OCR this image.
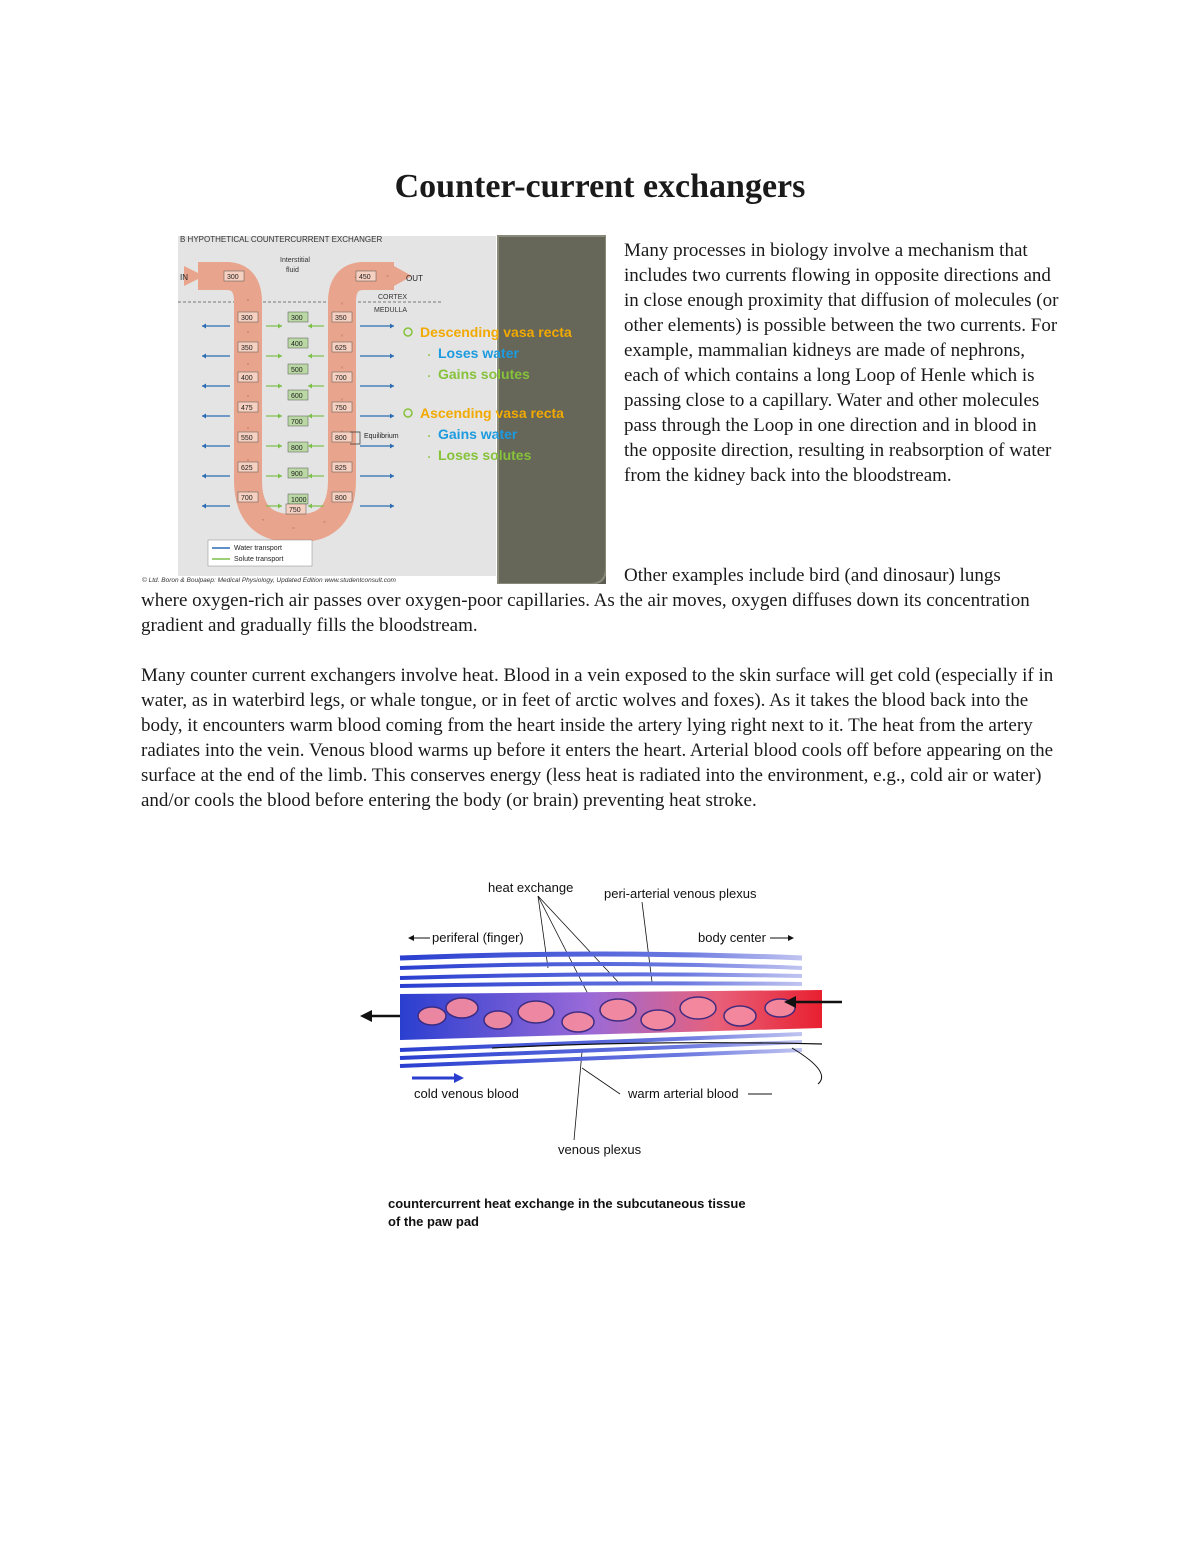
Counter-current exchangers
B HYPOTHETICAL COUNTERCURRENT EXCHANGER
CORTEX
MEDULLA
Interstitial
fluid
IN	OUT
300	450
300
350
400
475
550
625
700
300
400
500
600
700
800
900
1000
350
625
700
750
800
825
800
750
Equilibrium
Water transport
Solute transport
© Ltd. Boron & Boulpaep: Medical Physiology, Updated Edition www.studentconsult.com
Descending vasa recta
• Loses water
• Gains solutes
Ascending vasa recta
• Gains water
• Loses solutes

Many processes in biology involve a mechanism that includes two currents flowing in opposite directions and in close enough proximity that diffusion of molecules (or other elements) is possible between the two currents. For example, mammalian kidneys are made of nephrons, each of which contains a long Loop of Henle which is passing close to a capillary. Water and other molecules pass through the Loop in one direction and in blood in the opposite direction, resulting in reabsorption of water from the kidney back into the bloodstream.

Other examples include bird (and dinosaur) lungs

where oxygen-rich air passes over oxygen-poor capillaries. As the air moves, oxygen diffuses down its concentration gradient and gradually fills the bloodstream.

Many counter current exchangers involve heat. Blood in a vein exposed to the skin surface will get cold (especially if in water, as in waterbird legs, or whale tongue, or in feet of arctic wolves and foxes). As it takes the blood back into the body, it encounters warm blood coming from the heart inside the artery lying right next to it. The heat from the artery radiates into the vein. Venous blood warms up before it enters the heart. Arterial blood cools off before appearing on the surface at the end of the limb. This conserves energy (less heat is radiated into the environment, e.g., cold air or water) and/or cools the blood before entering the body (or brain) preventing heat stroke.

heat exchange peri-arterial venous plexus
periferal (finger)	body center
cold venous blood	warm arterial blood
venous plexus
countercurrent heat exchange in the subcutaneous tissue
of the paw pad
